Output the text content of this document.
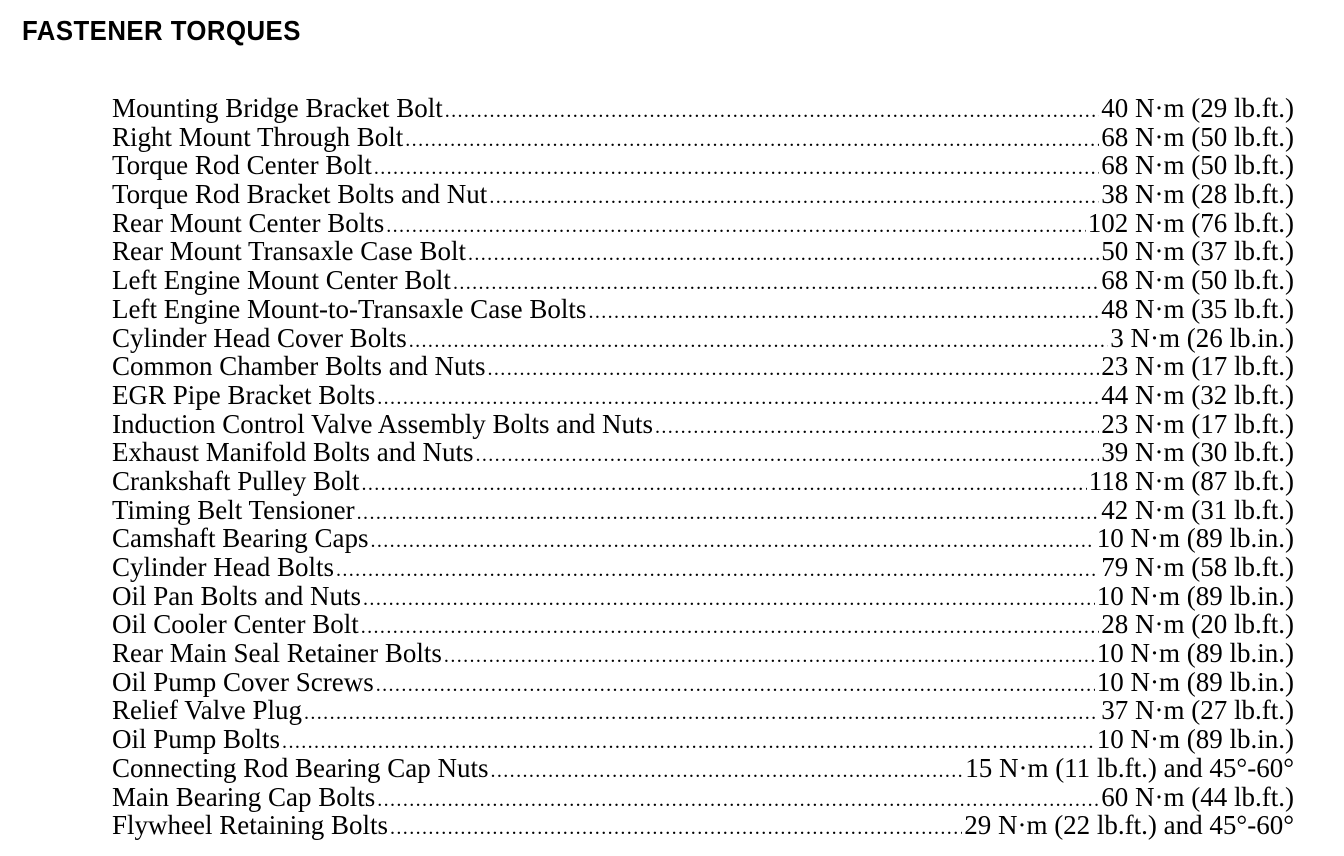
FASTENER TORQUES
Mounting Bridge Bracket Bolt .....	40 N·m (29 lb.ft.)
Right Mount Through Bolt .....	68 N·m (50 lb.ft.)
Torque Rod Center Bolt .....	68 N·m (50 lb.ft.)
Torque Rod Bracket Bolts and Nut .....	38 N·m (28 lb.ft.)
Rear Mount Center Bolts .....	102 N·m (76 lb.ft.)
Rear Mount Transaxle Case Bolt .....	50 N·m (37 lb.ft.)
Left Engine Mount Center Bolt .....	68 N·m (50 lb.ft.)
Left Engine Mount-to-Transaxle Case Bolts .....	48 N·m (35 lb.ft.)
Cylinder Head Cover Bolts .....	3 N·m (26 lb.in.)
Common Chamber Bolts and Nuts .....	23 N·m (17 lb.ft.)
EGR Pipe Bracket Bolts .....	44 N·m (32 lb.ft.)
Induction Control Valve Assembly Bolts and Nuts .....	23 N·m (17 lb.ft.)
Exhaust Manifold Bolts and Nuts .....	39 N·m (30 lb.ft.)
Crankshaft Pulley Bolt .....	118 N·m (87 lb.ft.)
Timing Belt Tensioner .....	42 N·m (31 lb.ft.)
Camshaft Bearing Caps .....	10 N·m (89 lb.in.)
Cylinder Head Bolts .....	79 N·m (58 lb.ft.)
Oil Pan Bolts and Nuts .....	10 N·m (89 lb.in.)
Oil Cooler Center Bolt .....	28 N·m (20 lb.ft.)
Rear Main Seal Retainer Bolts .....	10 N·m (89 lb.in.)
Oil Pump Cover Screws .....	10 N·m (89 lb.in.)
Relief Valve Plug .....	37 N·m (27 lb.ft.)
Oil Pump Bolts .....	10 N·m (89 lb.in.)
Connecting Rod Bearing Cap Nuts .....	15 N·m (11 lb.ft.) and 45°-60°
Main Bearing Cap Bolts .....	60 N·m (44 lb.ft.)
Flywheel Retaining Bolts .....	29 N·m (22 lb.ft.) and 45°-60°
